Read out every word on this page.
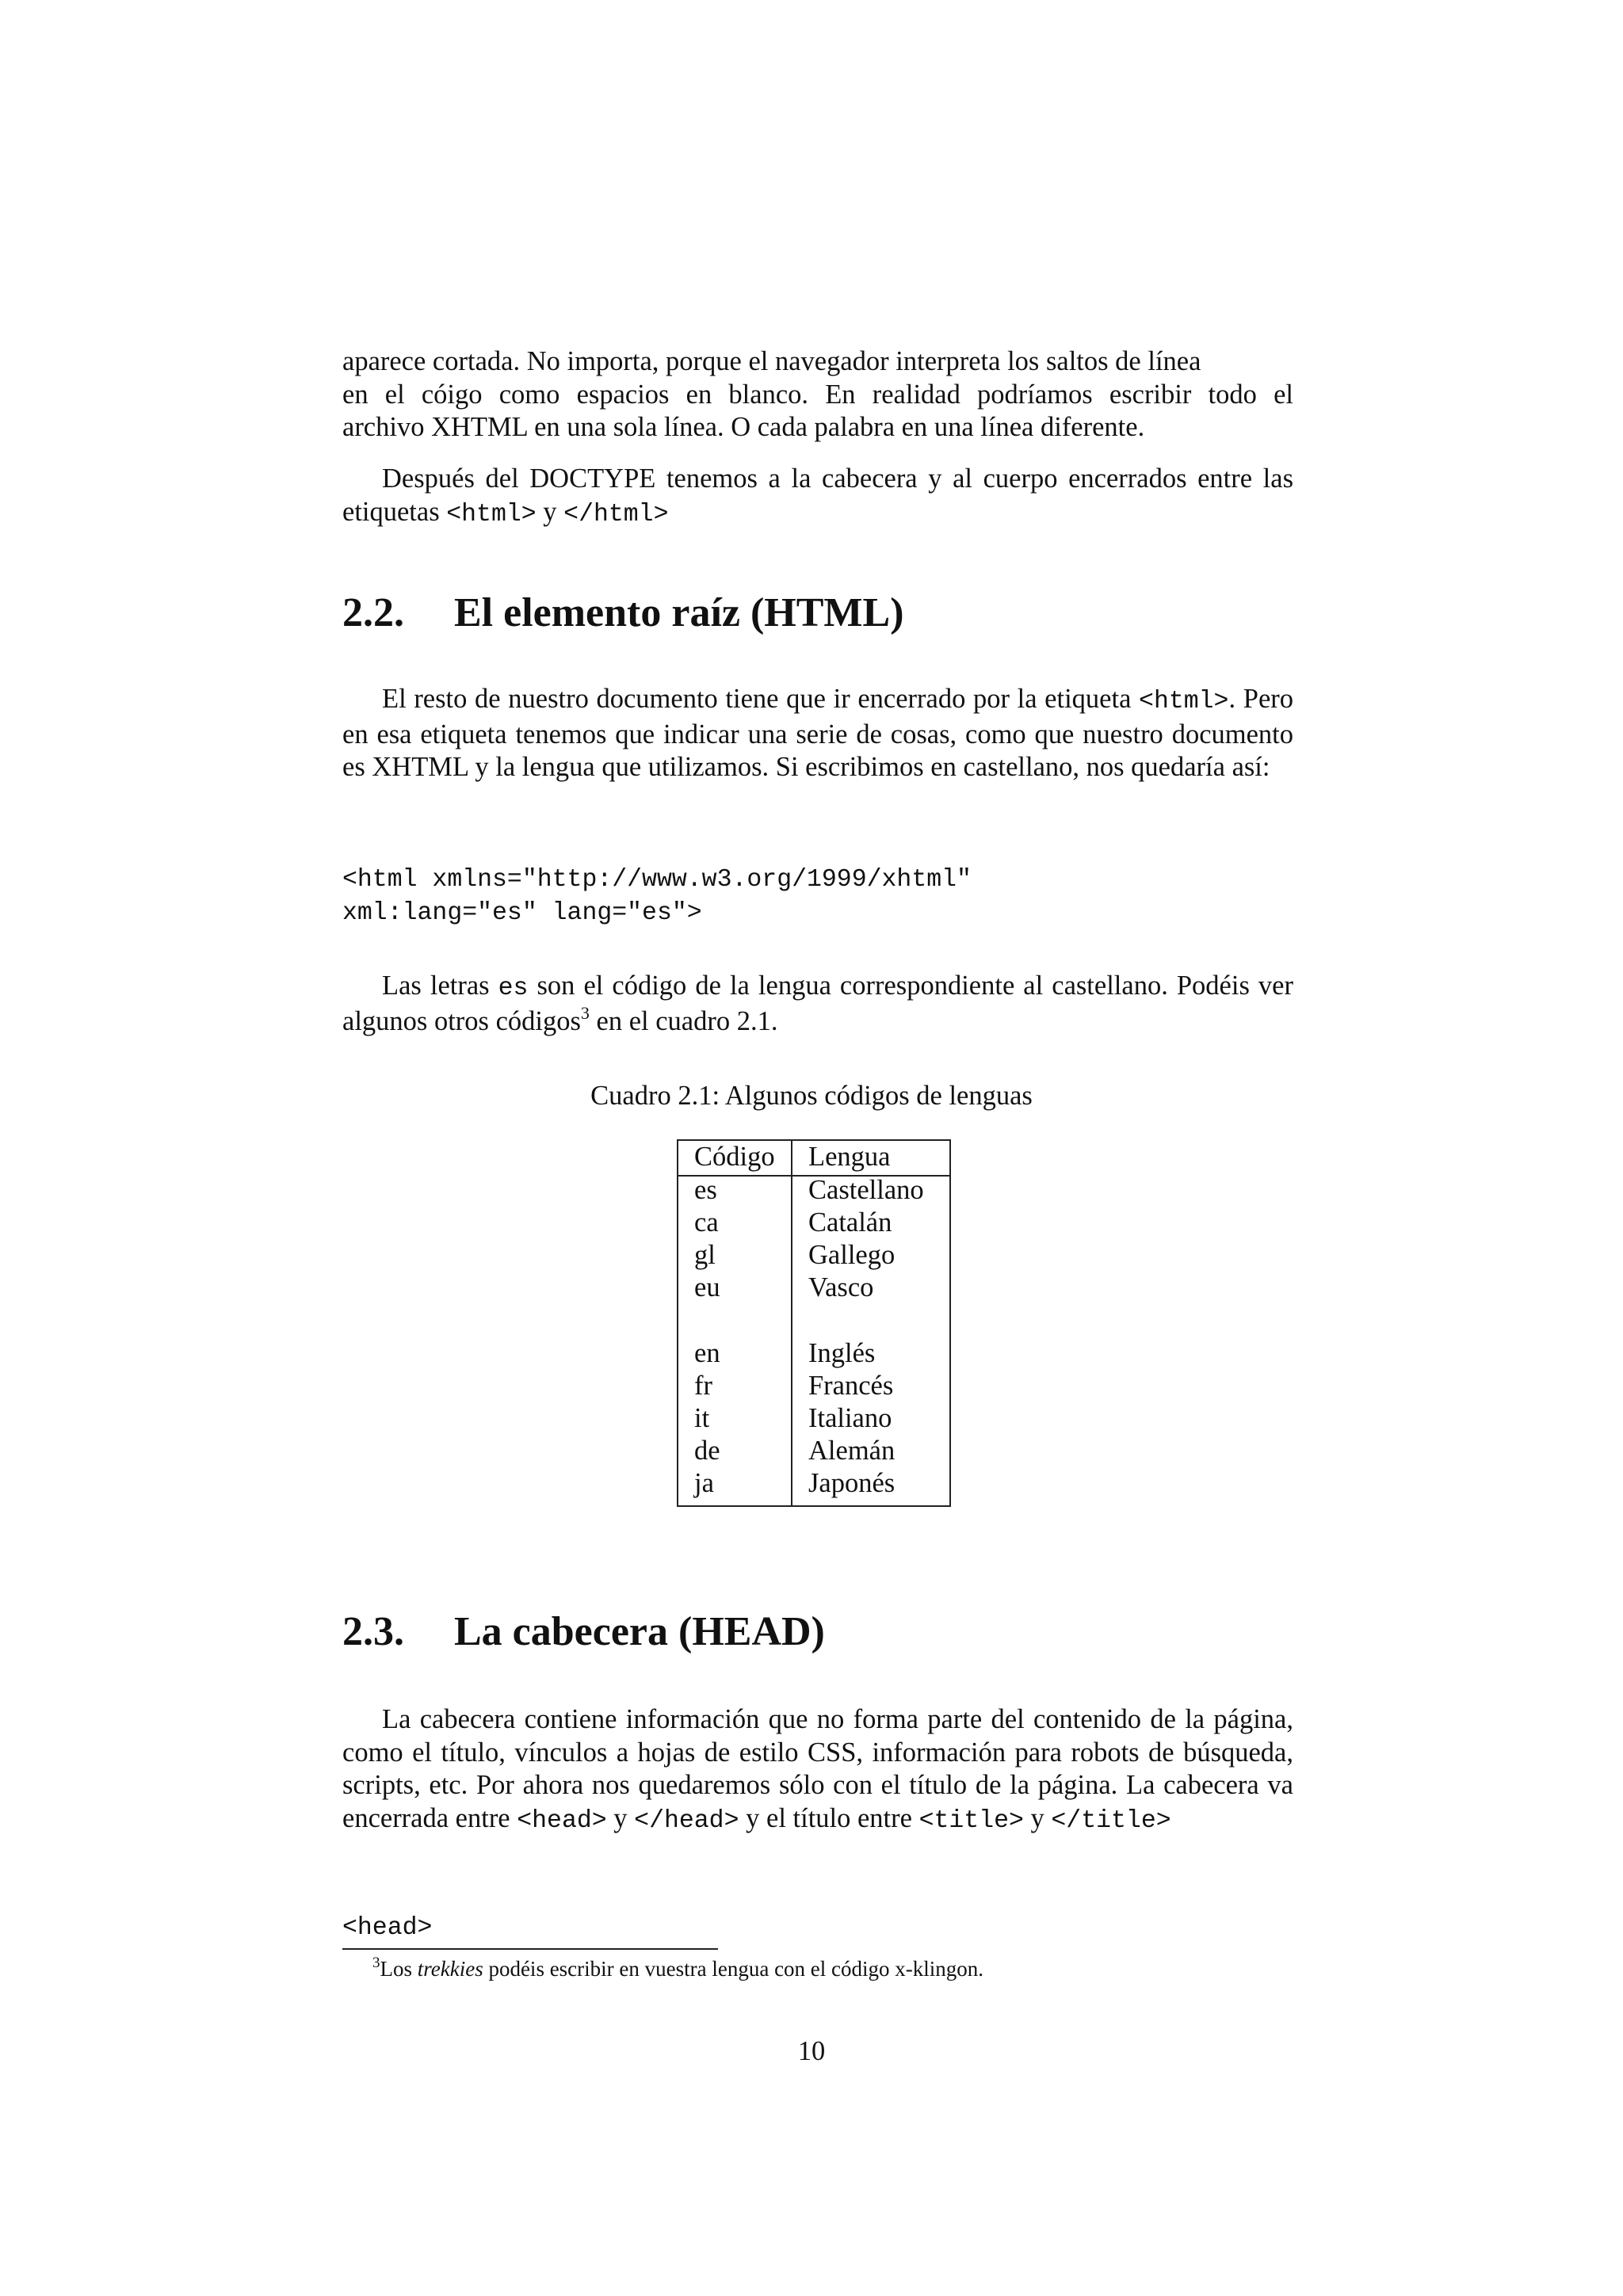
aparece cortada. No importa, porque el navegador interpreta los saltos de línea

en el cóigo como espacios en blanco. En realidad podríamos escribir todo el

archivo XHTML en una sola línea. O cada palabra en una línea diferente.

Después del DOCTYPE tenemos a la cabecera y al cuerpo encerrados entre las etiquetas <html> y </html>

2.2. El elemento raíz (HTML)

El resto de nuestro documento tiene que ir encerrado por la etiqueta <html>. Pero en esa etiqueta tenemos que indicar una serie de cosas, como que nuestro documento es XHTML y la lengua que utilizamos. Si escribimos en castellano, nos quedaría así:

<html xmlns="http://www.w3.org/1999/xhtml"
xml:lang="es" lang="es">

Las letras es son el código de la lengua correspondiente al castellano. Podéis ver algunos otros códigos$^3$ en el cuadro 2.1.

Cuadro 2.1: Algunos códigos de lenguas
Código Lengua
es	Castellano
ca	Catalán
gl	Gallego
eu	Vasco
en	Inglés
fr	Francés
it	Italiano
de	Alemán
ja	Japonés
2.3. La cabecera (HEAD)

La cabecera contiene información que no forma parte del contenido de la página, como el título, vínculos a hojas de estilo CSS, información para robots de búsqueda, scripts, etc. Por ahora nos quedaremos sólo con el título de la página. La cabecera va encerrada entre <head> y </head> y el título entre <title> y </title>

<head>

$^3$Los trekkies podéis escribir en vuestra lengua con el código x-klingon.

10
